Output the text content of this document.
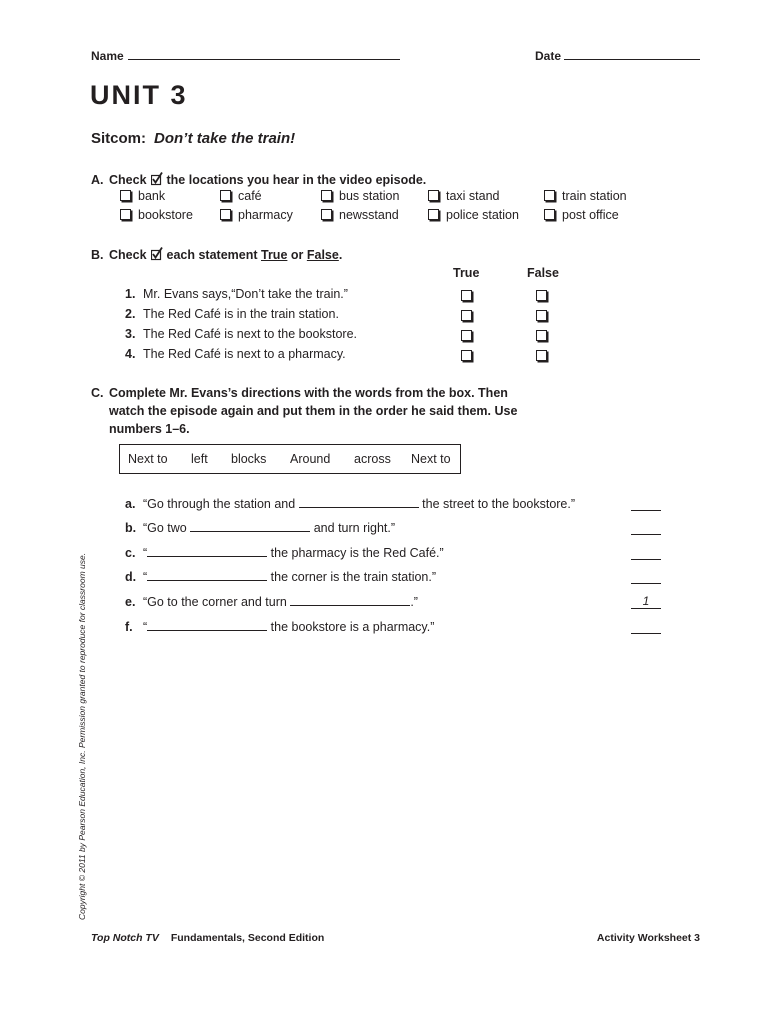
Name	Date
UNIT 3
Sitcom: Don’t take the train!
A. Check the locations you hear in the video episode.
bank	café	bus station	taxi stand	train station
bookstore	pharmacy	newsstand	police station	post office
B. Check each statement True or False.
True	False
1. Mr. Evans says,“Don’t take the train.”
2. The Red Café is in the train station.
3. The Red Café is next to the bookstore.
4. The Red Café is next to a pharmacy.
C. Complete Mr. Evans’s directions with the words from the box. Then
watch the episode again and put them in the order he said them. Use
numbers 1–6.
Next to left blocks Around across Next to
a. “Go through the station and	the street to the bookstore.”
b. “Go two	and turn right.”
c. “	the pharmacy is the Red Café.”
d. “	the corner is the train station.”
e. “Go to the corner and turn	.”	1
f. “	the bookstore is a pharmacy.”
Copyright © 2011 by Pearson Education, Inc. Permission granted to reproduce for classroom use.
Top Notch TV Fundamentals, Second Edition	Activity Worksheet 3
